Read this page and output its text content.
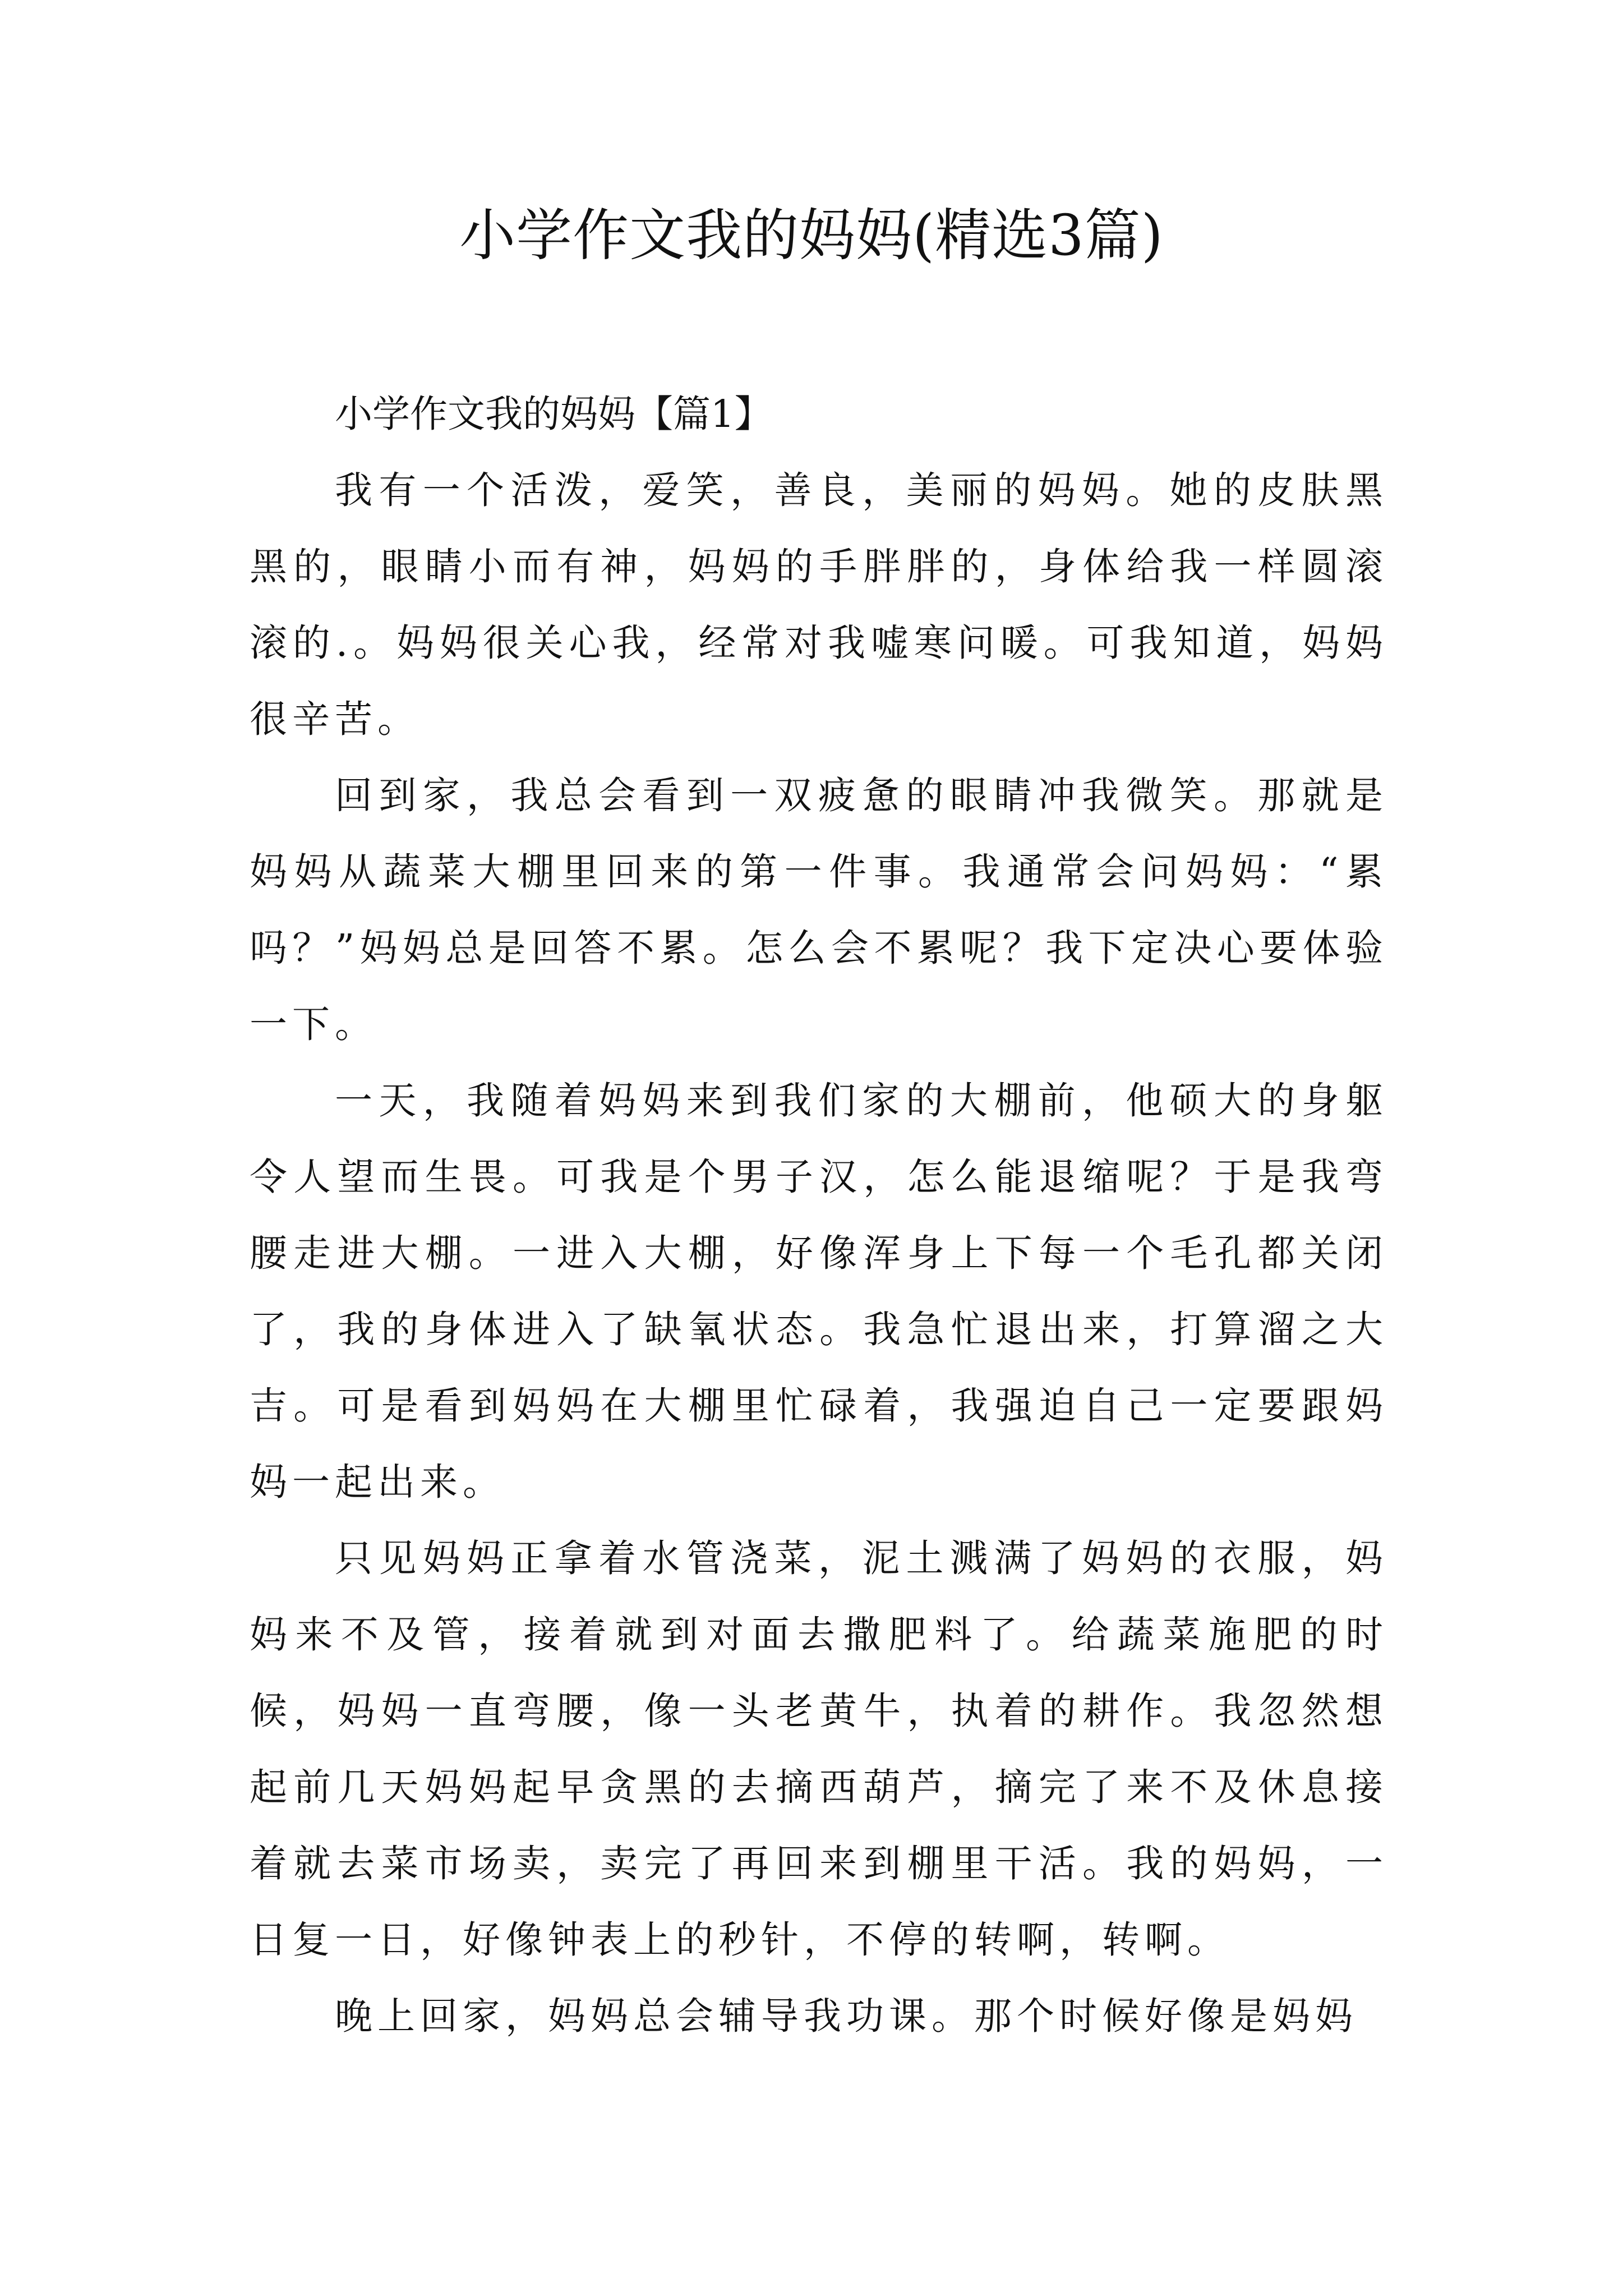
小学作文我的妈妈(精选3篇)

小学作文我的妈妈【篇1】

我有一个活泼，爱笑，善良，美丽的妈妈。她的皮肤黑黑的，眼睛小而有神，妈妈的手胖胖的，身体给我一样圆滚滚的.。妈妈很关心我，经常对我嘘寒问暖。可我知道，妈妈很辛苦。

回到家，我总会看到一双疲惫的眼睛冲我微笑。那就是妈妈从蔬菜大棚里回来的第一件事。我通常会问妈妈：“累吗？”妈妈总是回答不累。怎么会不累呢？我下定决心要体验一下。

一天，我随着妈妈来到我们家的大棚前，他硕大的身躯令人望而生畏。可我是个男子汉，怎么能退缩呢？于是我弯腰走进大棚。一进入大棚，好像浑身上下每一个毛孔都关闭了，我的身体进入了缺氧状态。我急忙退出来，打算溜之大吉。可是看到妈妈在大棚里忙碌着，我强迫自己一定要跟妈妈一起出来。

只见妈妈正拿着水管浇菜，泥土溅满了妈妈的衣服，妈妈来不及管，接着就到对面去撒肥料了。给蔬菜施肥的时候，妈妈一直弯腰，像一头老黄牛，执着的耕作。我忽然想起前几天妈妈起早贪黑的去摘西葫芦，摘完了来不及休息接着就去菜市场卖，卖完了再回来到棚里干活。我的妈妈，一日复一日，好像钟表上的秒针，不停的转啊，转啊。

晚上回家，妈妈总会辅导我功课。那个时候好像是妈妈
